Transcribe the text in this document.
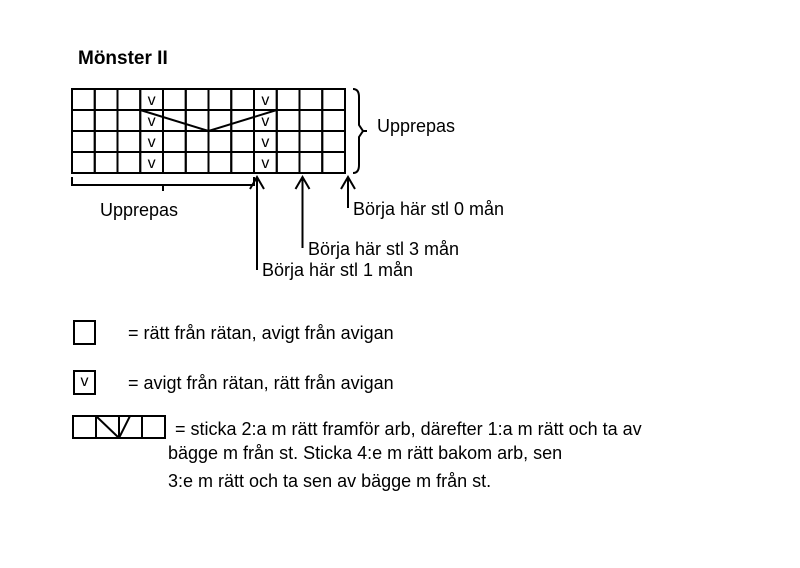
Mönster II
v	v
v	v
v	v
v	v
Upprepas
Upprepas	Börja här stl 0 mån
Börja här stl 3 mån
Börja här stl 1 mån
= rätt från rätan, avigt från avigan
v	= avigt från rätan, rätt från avigan
= sticka 2:a m rätt framför arb, därefter 1:a m rätt och ta av
bägge m från st. Sticka 4:e m rätt bakom arb, sen
3:e m rätt och ta sen av bägge m från st.
